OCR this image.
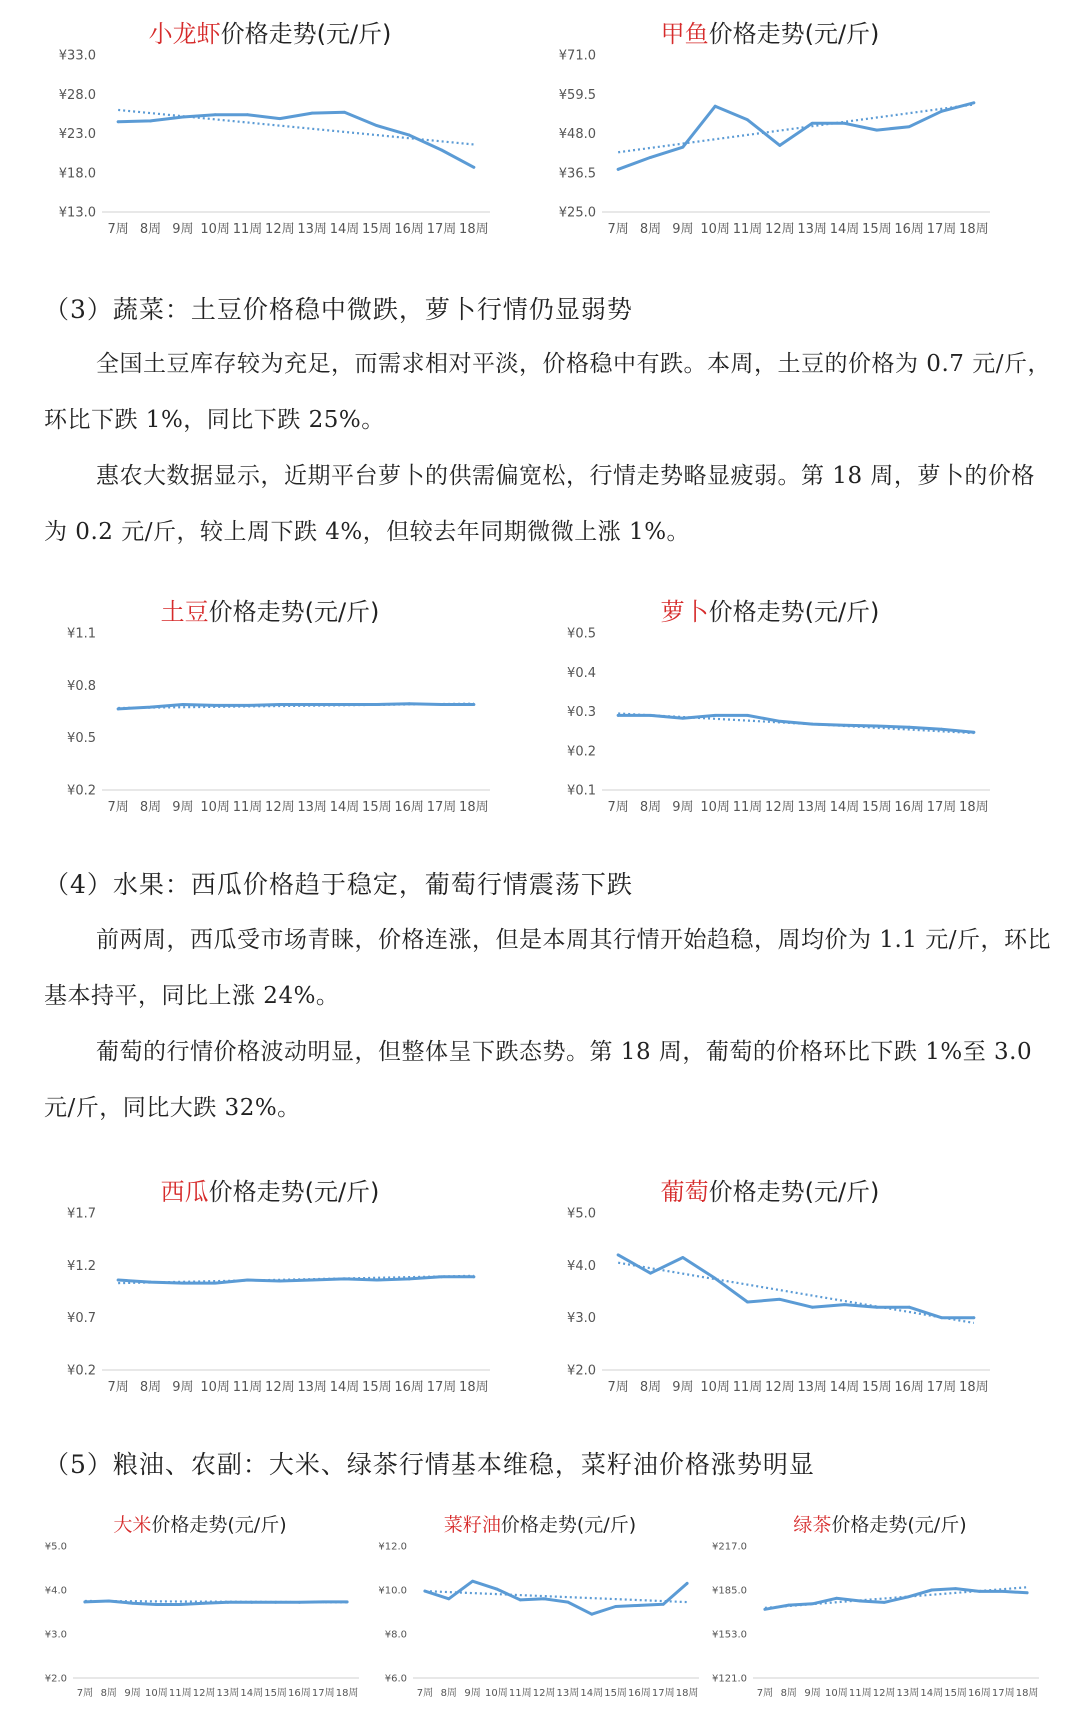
小龙虾价格走势(元/斤)
¥13.0
¥18.0
¥23.0
¥28.0
¥33.0
7周 8周 9周 10周 11周 12周 13周 14周 15周 16周 17周 18周
甲鱼价格走势(元/斤)
¥25.0
¥36.5
¥48.0
¥59.5
¥71.0
7周 8周 9周 10周 11周 12周 13周 14周 15周 16周 17周 18周
（3）蔬菜：土豆价格稳中微跌，萝卜行情仍显弱势
全国土豆库存较为充足，而需求相对平淡，价格稳中有跌。本周，土豆的价格为 0.7 元/斤，环比下跌 1%，同比下跌 25%。
惠农大数据显示，近期平台萝卜的供需偏宽松，行情走势略显疲弱。第 18 周，萝卜的价格为 0.2 元/斤，较上周下跌 4%，但较去年同期微微上涨 1%。
土豆价格走势(元/斤)
¥0.2
¥0.5
¥0.8
¥1.1
7周 8周 9周 10周 11周 12周 13周 14周 15周 16周 17周 18周
萝卜价格走势(元/斤)
¥0.1
¥0.2
¥0.3
¥0.4
¥0.5
7周 8周 9周 10周 11周 12周 13周 14周 15周 16周 17周 18周
（4）水果：西瓜价格趋于稳定，葡萄行情震荡下跌
前两周，西瓜受市场青睐，价格连涨，但是本周其行情开始趋稳，周均价为 1.1 元/斤，环比基本持平，同比上涨 24%。
葡萄的行情价格波动明显，但整体呈下跌态势。第 18 周，葡萄的价格环比下跌 1%至 3.0 元/斤，同比大跌 32%。
西瓜价格走势(元/斤)
¥0.2
¥0.7
¥1.2
¥1.7
7周 8周 9周 10周 11周 12周 13周 14周 15周 16周 17周 18周
葡萄价格走势(元/斤)
¥2.0
¥3.0
¥4.0
¥5.0
7周 8周 9周 10周 11周 12周 13周 14周 15周 16周 17周 18周
（5）粮油、农副：大米、绿茶行情基本维稳，菜籽油价格涨势明显
大米价格走势(元/斤)
¥2.0
¥3.0
¥4.0
¥5.0
7周 8周 9周 10周 11周 12周 13周 14周 15周 16周 17周 18周
菜籽油价格走势(元/斤)
¥6.0
¥8.0
¥10.0
¥12.0
7周 8周 9周 10周 11周 12周 13周 14周 15周 16周 17周 18周
绿茶价格走势(元/斤)
¥121.0
¥153.0
¥185.0
¥217.0
7周 8周 9周 10周 11周 12周 13周 14周 15周 16周 17周 18周
